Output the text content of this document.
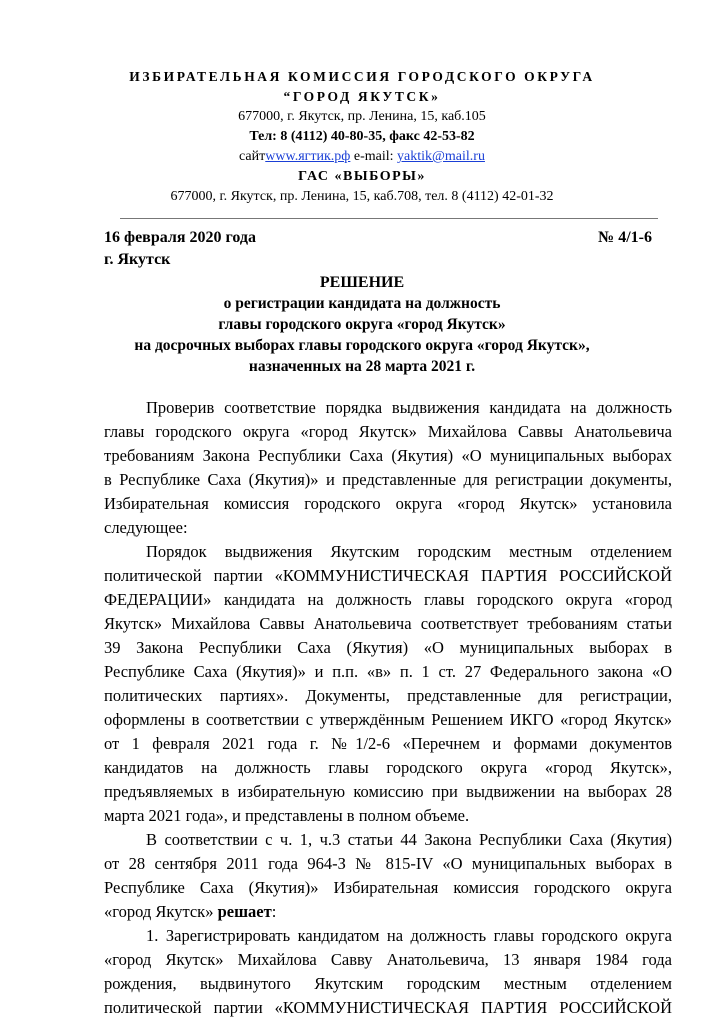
ИЗБИРАТЕЛЬНАЯ КОМИССИЯ ГОРОДСКОГО ОКРУГА
“ГОРОД ЯКУТСК»
677000, г. Якутск, пр. Ленина, 15, каб.105
Тел: 8 (4112) 40-80-35, факс 42-53-82
сайтwww.ягтик.рф e-mail: yaktik@mail.ru
ГАС «ВЫБОРЫ»
677000, г. Якутск, пр. Ленина, 15, каб.708, тел. 8 (4112) 42-01-32
16 февраля 2020 года	№ 4/1-6
г. Якутск
РЕШЕНИЕ
о регистрации кандидата на должность
главы городского округа «город Якутск»
на досрочных выборах главы городского округа «город Якутск»,
назначенных на 28 марта 2021 г.
Проверив соответствие порядка выдвижения кандидата на должность
главы городского округа «город Якутск» Михайлова Саввы Анатольевича
требованиям Закона Республики Саха (Якутия) «О муниципальных выборах
в Республике Саха (Якутия)» и представленные для регистрации документы,
Избирательная комиссия городского округа «город Якутск» установила
следующее:
Порядок выдвижения Якутским городским местным отделением
политической партии «КОММУНИСТИЧЕСКАЯ ПАРТИЯ РОССИЙСКОЙ
ФЕДЕРАЦИИ» кандидата на должность главы городского округа «город
Якутск» Михайлова Саввы Анатольевича соответствует требованиям статьи
39 Закона Республики Саха (Якутия) «О муниципальных выборах в
Республике Саха (Якутия)» и п.п. «в» п. 1 ст. 27 Федерального закона «О
политических партиях». Документы, представленные для регистрации,
оформлены в соответствии с утверждённым Решением ИКГО «город Якутск»
от 1 февраля 2021 года г. №1/2-6 «Перечнем и формами документов
кандидатов на должность главы городского округа «город Якутск»,
предъявляемых в избирательную комиссию при выдвижении на выборах 28
марта 2021 года», и представлены в полном объеме.
В соответствии с ч. 1, ч.3 статьи 44 Закона Республики Саха (Якутия)
от 28 сентября 2011 года 964-З № 815-IV «О муниципальных выборах в
Республике Саха (Якутия)» Избирательная комиссия городского округа
«город Якутск» решает:
1. Зарегистрировать кандидатом на должность главы городского округа
«город Якутск» Михайлова Савву Анатольевича, 13 января 1984 года
рождения, выдвинутого Якутским городским местным отделением
политической партии «КОММУНИСТИЧЕСКАЯ ПАРТИЯ РОССИЙСКОЙ
